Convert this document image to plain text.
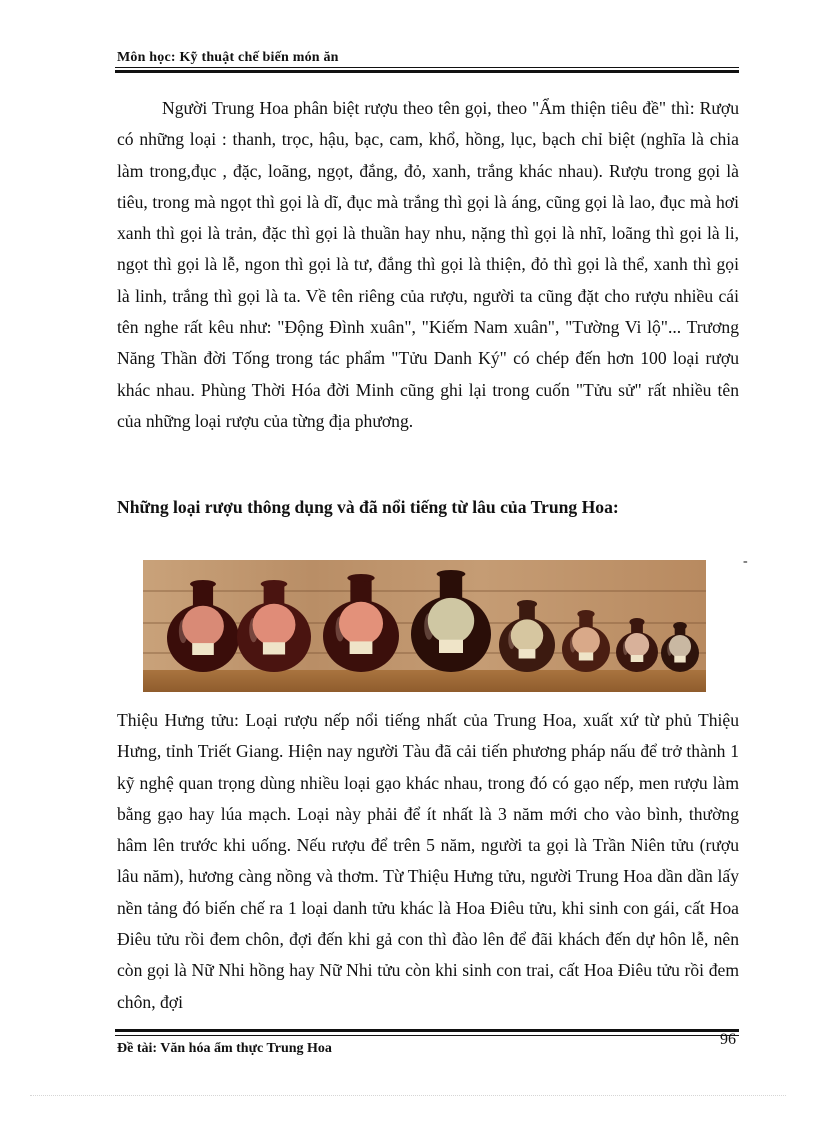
Môn học: Kỹ thuật chế biến món ăn

Người Trung Hoa phân biệt rượu theo tên gọi, theo "Ẩm thiện tiêu đề" thì: Rượu có những loại : thanh, trọc, hậu, bạc, cam, khổ, hồng, lục, bạch chỉ biệt (nghĩa là chia làm trong,đục , đặc, loãng, ngọt, đắng, đỏ, xanh, trắng khác nhau). Rượu trong gọi là tiêu, trong mà ngọt thì gọi là dĩ, đục mà trắng thì gọi là áng, cũng gọi là lao, đục mà hơi xanh thì gọi là trản, đặc thì gọi là thuần hay nhu, nặng thì gọi là nhĩ, loãng thì gọi là li, ngọt thì gọi là lễ, ngon thì gọi là tư, đắng thì gọi là thiện, đỏ thì gọi là thể, xanh thì gọi là linh, trắng thì gọi là ta. Về tên riêng của rượu, người ta cũng đặt cho rượu nhiều cái tên nghe rất kêu như: "Động Đình xuân", "Kiếm Nam xuân", "Tường Vi lộ"... Trương Năng Thần đời Tống trong tác phẩm "Tửu Danh Ký" có chép đến hơn 100 loại rượu khác nhau. Phùng Thời Hóa đời Minh cũng ghi lại trong cuốn "Tửu sử" rất nhiều tên của những loại rượu của từng địa phương.

Những loại rượu thông dụng và đã nổi tiếng từ lâu của Trung Hoa:

-

Thiệu Hưng tửu: Loại rượu nếp nổi tiếng nhất của Trung Hoa, xuất xứ từ phủ Thiệu Hưng, tỉnh Triết Giang. Hiện nay người Tàu đã cải tiến phương pháp nấu để trở thành 1 kỹ nghệ quan trọng dùng nhiều loại gạo khác nhau, trong đó có gạo nếp, men rượu làm bằng gạo hay lúa mạch. Loại này phải để ít nhất là 3 năm mới cho vào bình, thường hâm lên trước khi uống. Nếu rượu để trên 5 năm, người ta gọi là Trần Niên tửu (rượu lâu năm), hương càng nồng và thơm. Từ Thiệu Hưng tửu, người Trung Hoa dần dần lấy nền tảng đó biến chế ra 1 loại danh tửu khác là Hoa Điêu tửu, khi sinh con gái, cất Hoa Điêu tửu rồi đem chôn, đợi đến khi gả con thì đào lên để đãi khách đến dự hôn lễ, nên còn gọi là Nữ Nhi hồng hay Nữ Nhi tửu còn khi sinh con trai, cất Hoa Điêu tửu rồi đem chôn, đợi

96
Đề tài: Văn hóa ẩm thực Trung Hoa
